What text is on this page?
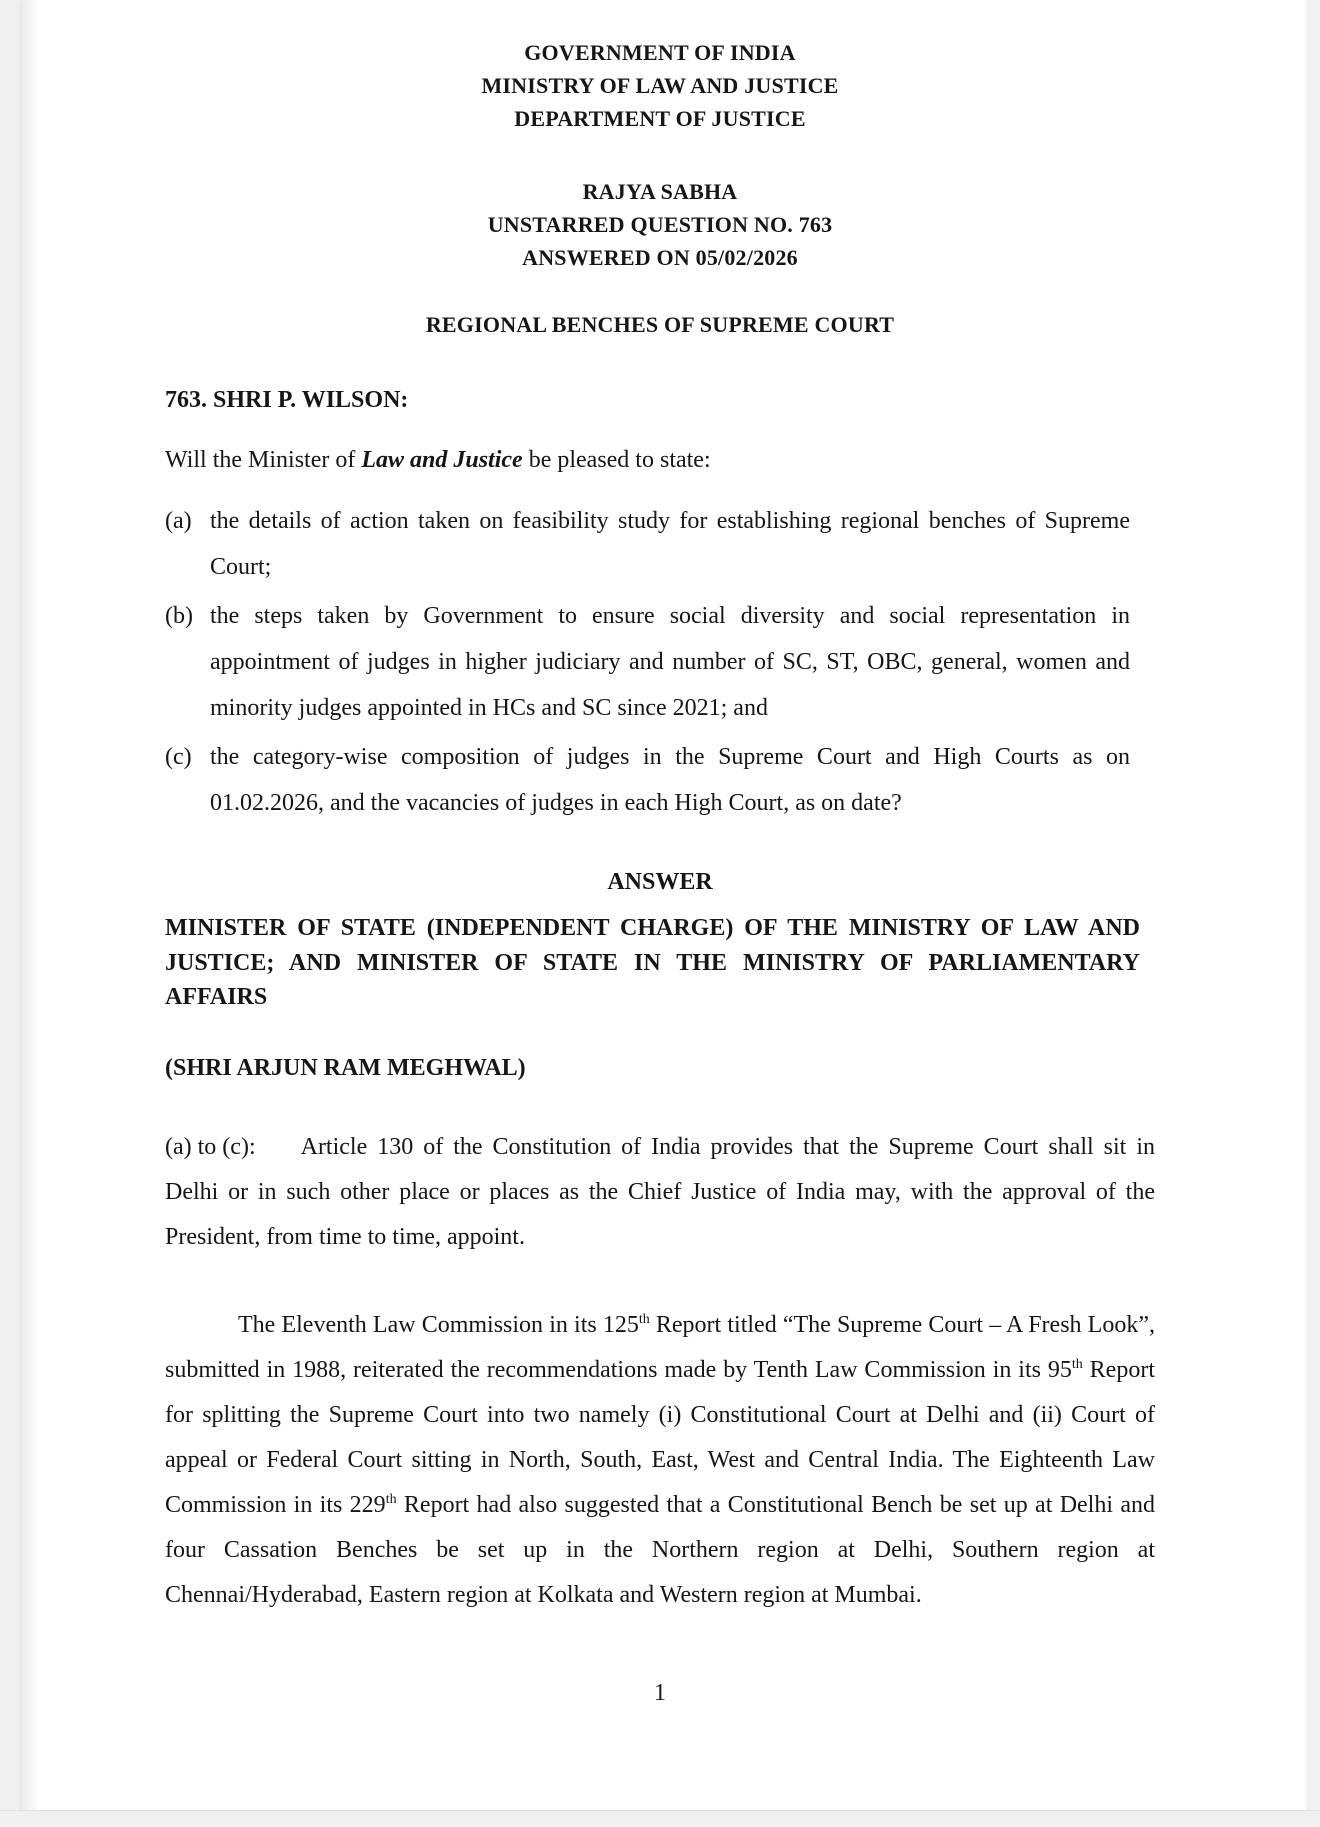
GOVERNMENT OF INDIA
MINISTRY OF LAW AND JUSTICE
DEPARTMENT OF JUSTICE
RAJYA SABHA
UNSTARRED QUESTION NO. 763
ANSWERED ON 05/02/2026
REGIONAL BENCHES OF SUPREME COURT
763. SHRI P. WILSON:
Will the Minister of Law and Justice be pleased to state:
(a) the details of action taken on feasibility study for establishing regional benches of Supreme Court;
(b) the steps taken by Government to ensure social diversity and social representation in appointment of judges in higher judiciary and number of SC, ST, OBC, general, women and minority judges appointed in HCs and SC since 2021; and
(c) the category-wise composition of judges in the Supreme Court and High Courts as on 01.02.2026, and the vacancies of judges in each High Court, as on date?
ANSWER
MINISTER OF STATE (INDEPENDENT CHARGE) OF THE MINISTRY OF LAW AND JUSTICE; AND MINISTER OF STATE IN THE MINISTRY OF PARLIAMENTARY AFFAIRS
(SHRI ARJUN RAM MEGHWAL)
(a) to (c): Article 130 of the Constitution of India provides that the Supreme Court shall sit in Delhi or in such other place or places as the Chief Justice of India may, with the approval of the President, from time to time, appoint.
The Eleventh Law Commission in its 125th Report titled “The Supreme Court – A Fresh Look”, submitted in 1988, reiterated the recommendations made by Tenth Law Commission in its 95th Report for splitting the Supreme Court into two namely (i) Constitutional Court at Delhi and (ii) Court of appeal or Federal Court sitting in North, South, East, West and Central India. The Eighteenth Law Commission in its 229th Report had also suggested that a Constitutional Bench be set up at Delhi and four Cassation Benches be set up in the Northern region at Delhi, Southern region at Chennai/Hyderabad, Eastern region at Kolkata and Western region at Mumbai.
1
